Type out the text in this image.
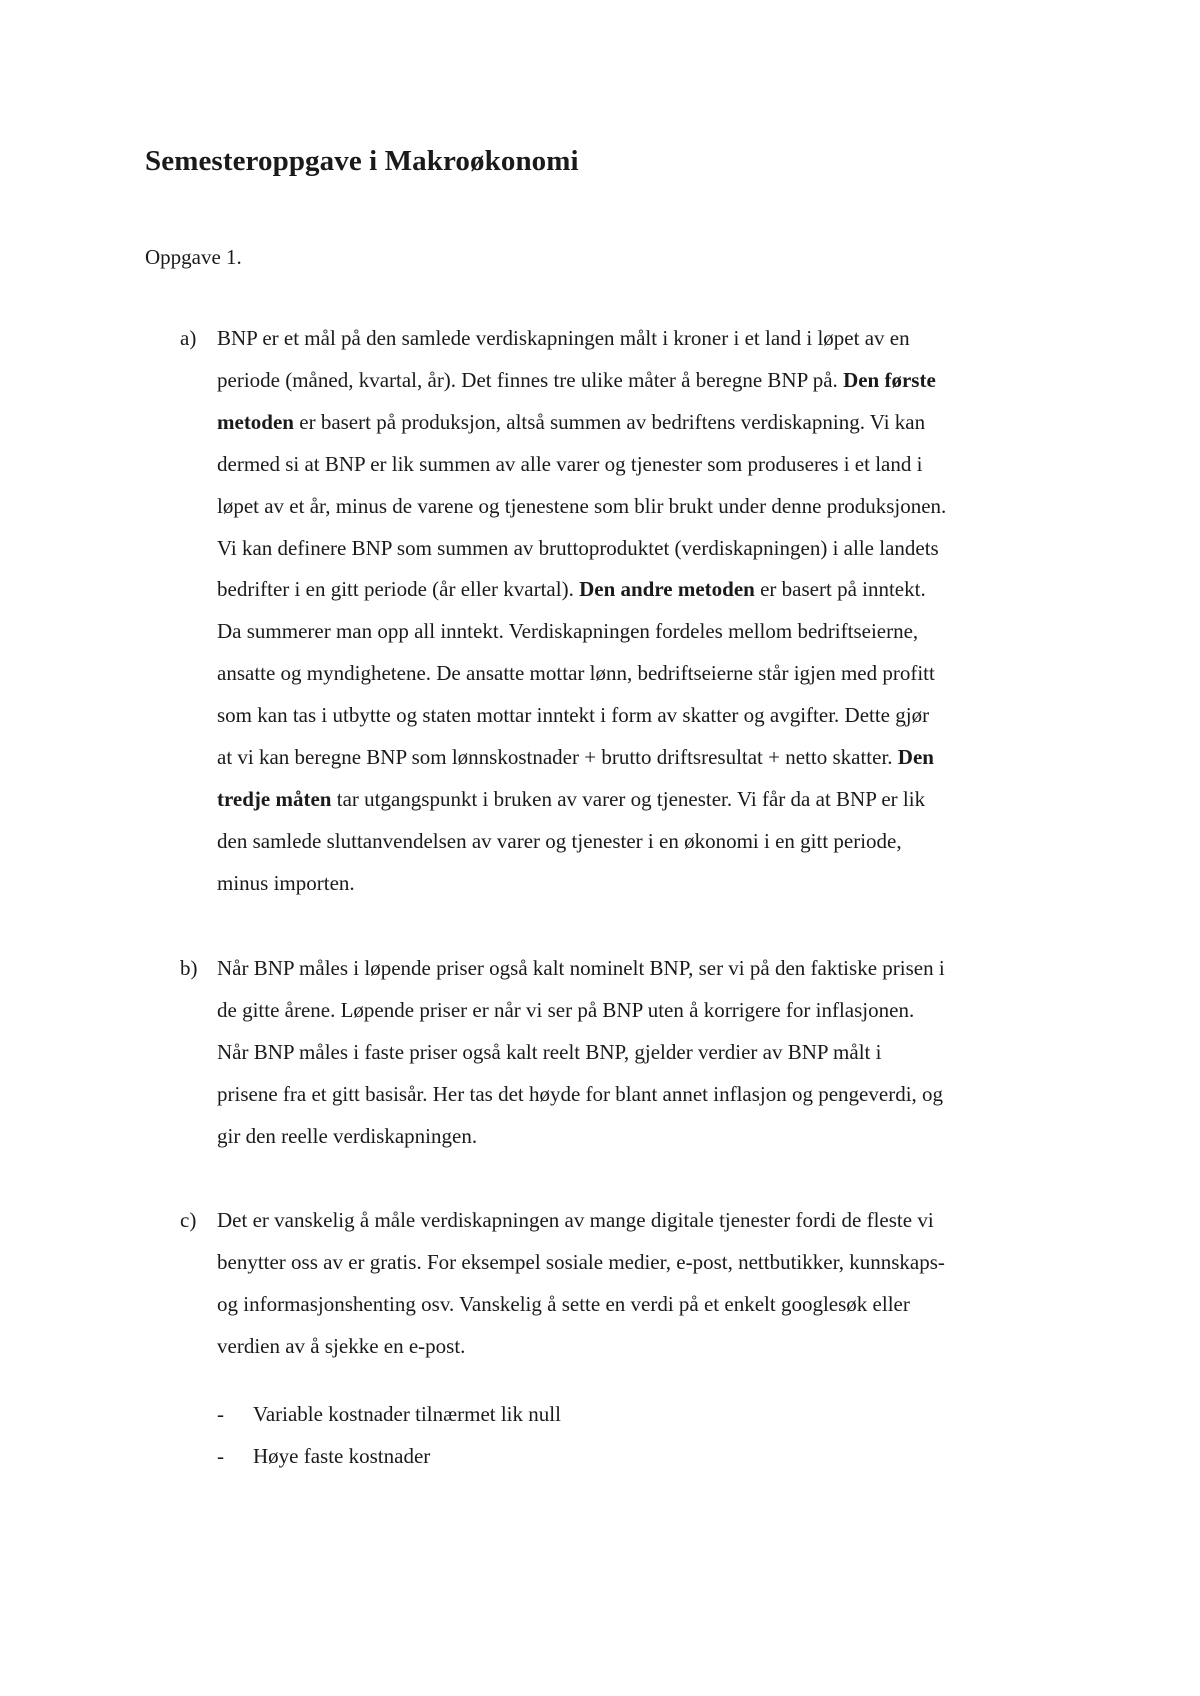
Semesteroppgave i Makroøkonomi

Oppgave 1.

a) BNP er et mål på den samlede verdiskapningen målt i kroner i et land i løpet av en

periode (måned, kvartal, år). Det finnes tre ulike måter å beregne BNP på. Den første

metoden er basert på produksjon, altså summen av bedriftens verdiskapning. Vi kan

dermed si at BNP er lik summen av alle varer og tjenester som produseres i et land i

løpet av et år, minus de varene og tjenestene som blir brukt under denne produksjonen.

Vi kan definere BNP som summen av bruttoproduktet (verdiskapningen) i alle landets

bedrifter i en gitt periode (år eller kvartal). Den andre metoden er basert på inntekt.

Da summerer man opp all inntekt. Verdiskapningen fordeles mellom bedriftseierne,

ansatte og myndighetene. De ansatte mottar lønn, bedriftseierne står igjen med profitt

som kan tas i utbytte og staten mottar inntekt i form av skatter og avgifter. Dette gjør

at vi kan beregne BNP som lønnskostnader + brutto driftsresultat + netto skatter. Den

tredje måten tar utgangspunkt i bruken av varer og tjenester. Vi får da at BNP er lik

den samlede sluttanvendelsen av varer og tjenester i en økonomi i en gitt periode,

minus importen.

b) Når BNP måles i løpende priser også kalt nominelt BNP, ser vi på den faktiske prisen i

de gitte årene. Løpende priser er når vi ser på BNP uten å korrigere for inflasjonen.

Når BNP måles i faste priser også kalt reelt BNP, gjelder verdier av BNP målt i

prisene fra et gitt basisår. Her tas det høyde for blant annet inflasjon og pengeverdi, og

gir den reelle verdiskapningen.

c) Det er vanskelig å måle verdiskapningen av mange digitale tjenester fordi de fleste vi

benytter oss av er gratis. For eksempel sosiale medier, e-post, nettbutikker, kunnskaps-

og informasjonshenting osv. Vanskelig å sette en verdi på et enkelt googlesøk eller

verdien av å sjekke en e-post.

- Variable kostnader tilnærmet lik null
- Høye faste kostnader
